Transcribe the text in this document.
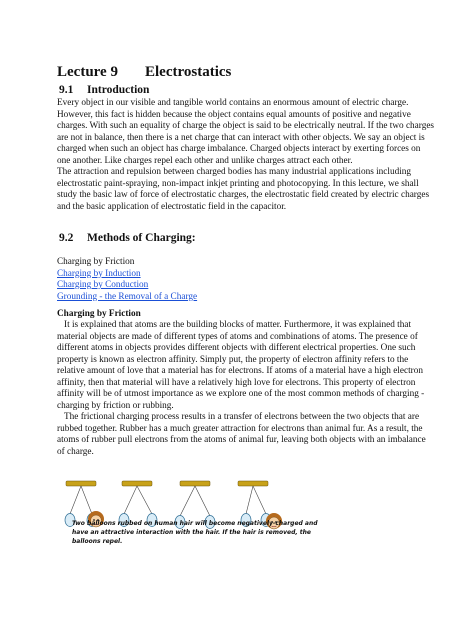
Lecture 9 Electrostatics
9.1 Introduction

Every object in our visible and tangible world contains an enormous amount of electric charge. However, this fact is hidden because the object contains equal amounts of positive and negative charges. With such an equality of charge the object is said to be electrically neutral. If the two charges are not in balance, then there is a net charge that can interact with other objects. We say an object is charged when such an object has charge imbalance. Charged objects interact by exerting forces on one another. Like charges repel each other and unlike charges attract each other.

The attraction and repulsion between charged bodies has many industrial applications including electrostatic paint-spraying, non-impact inkjet printing and photocopying. In this lecture, we shall study the basic law of force of electrostatic charges, the electrostatic field created by electric charges and the basic application of electrostatic field in the capacitor.

9.2 Methods of Charging:
Charging by Friction
Charging by Induction
Charging by Conduction
Grounding - the Removal of a Charge
Charging by Friction

It is explained that atoms are the building blocks of matter. Furthermore, it was explained that material objects are made of different types of atoms and combinations of atoms. The presence of different atoms in objects provides different objects with different electrical properties. One such property is known as electron affinity. Simply put, the property of electron affinity refers to the relative amount of love that a material has for electrons. If atoms of a material have a high electron affinity, then that material will have a relatively high love for electrons. This property of electron affinity will be of utmost importance as we explore one of the most common methods of charging - charging by friction or rubbing.

The frictional charging process results in a transfer of electrons between the two objects that are rubbed together. Rubber has a much greater attraction for electrons than animal fur. As a result, the atoms of rubber pull electrons from the atoms of animal fur, leaving both objects with an imbalance of charge.

Two balloons rubbed on human hair will become negatively-charged and have an attractive interaction with the hair. If the hair is removed, the balloons repel.
